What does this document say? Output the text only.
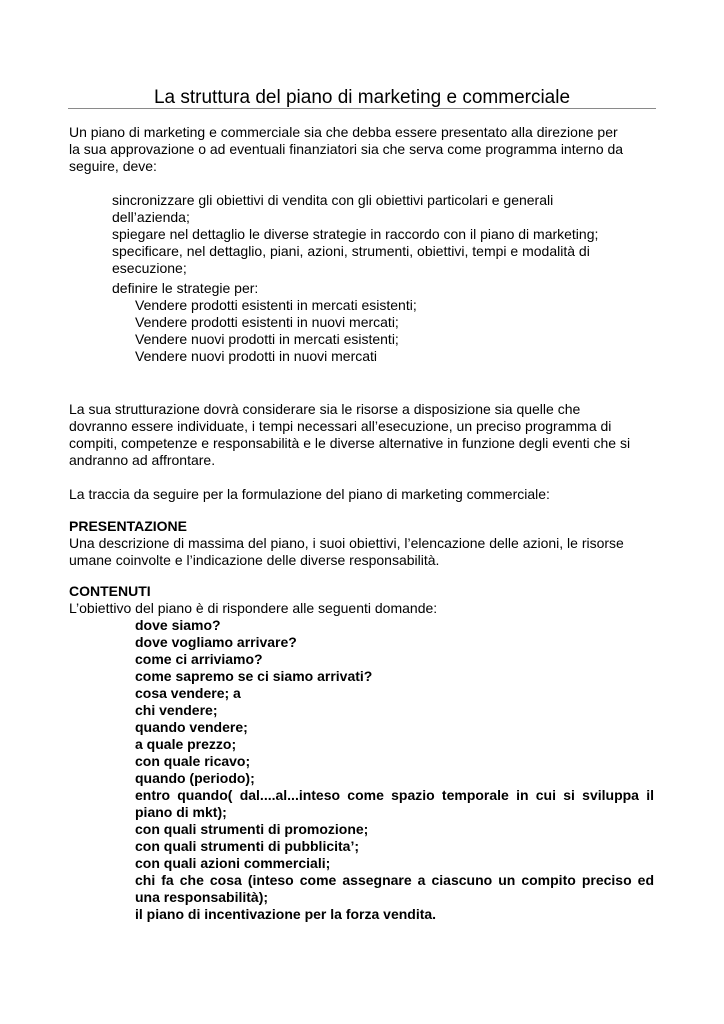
La struttura del piano di marketing e commerciale
Un piano di marketing e commerciale sia che debba essere presentato alla direzione per
la sua approvazione o ad eventuali finanziatori sia che serva come programma interno da
seguire, deve:
sincronizzare gli obiettivi di vendita con gli obiettivi particolari e generali
dell’azienda;
spiegare nel dettaglio le diverse strategie in raccordo con il piano di marketing;
specificare, nel dettaglio, piani, azioni, strumenti, obiettivi, tempi e modalità di
esecuzione;
definire le strategie per:
Vendere prodotti esistenti in mercati esistenti;
Vendere prodotti esistenti in nuovi mercati;
Vendere nuovi prodotti in mercati esistenti;
Vendere nuovi prodotti in nuovi mercati
La sua strutturazione dovrà considerare sia le risorse a disposizione sia quelle che
dovranno essere individuate, i tempi necessari all’esecuzione, un preciso programma di
compiti, competenze e responsabilità e le diverse alternative in funzione degli eventi che si
andranno ad affrontare.
La traccia da seguire per la formulazione del piano di marketing commerciale:
PRESENTAZIONE
Una descrizione di massima del piano, i suoi obiettivi, l’elencazione delle azioni, le risorse
umane coinvolte e l’indicazione delle diverse responsabilità.
CONTENUTI
L’obiettivo del piano è di rispondere alle seguenti domande:
dove siamo?
dove vogliamo arrivare?
come ci arriviamo?
come sapremo se ci siamo arrivati?
cosa vendere; a
chi vendere;
quando vendere;
a quale prezzo;
con quale ricavo;
quando (periodo);
entro quando( dal....al...inteso come spazio temporale in cui si sviluppa il piano di mkt);
con quali strumenti di promozione;
con quali strumenti di pubblicita’;
con quali azioni commerciali;
chi fa che cosa (inteso come assegnare a ciascuno un compito preciso ed una responsabilità);
il piano di incentivazione per la forza vendita.
